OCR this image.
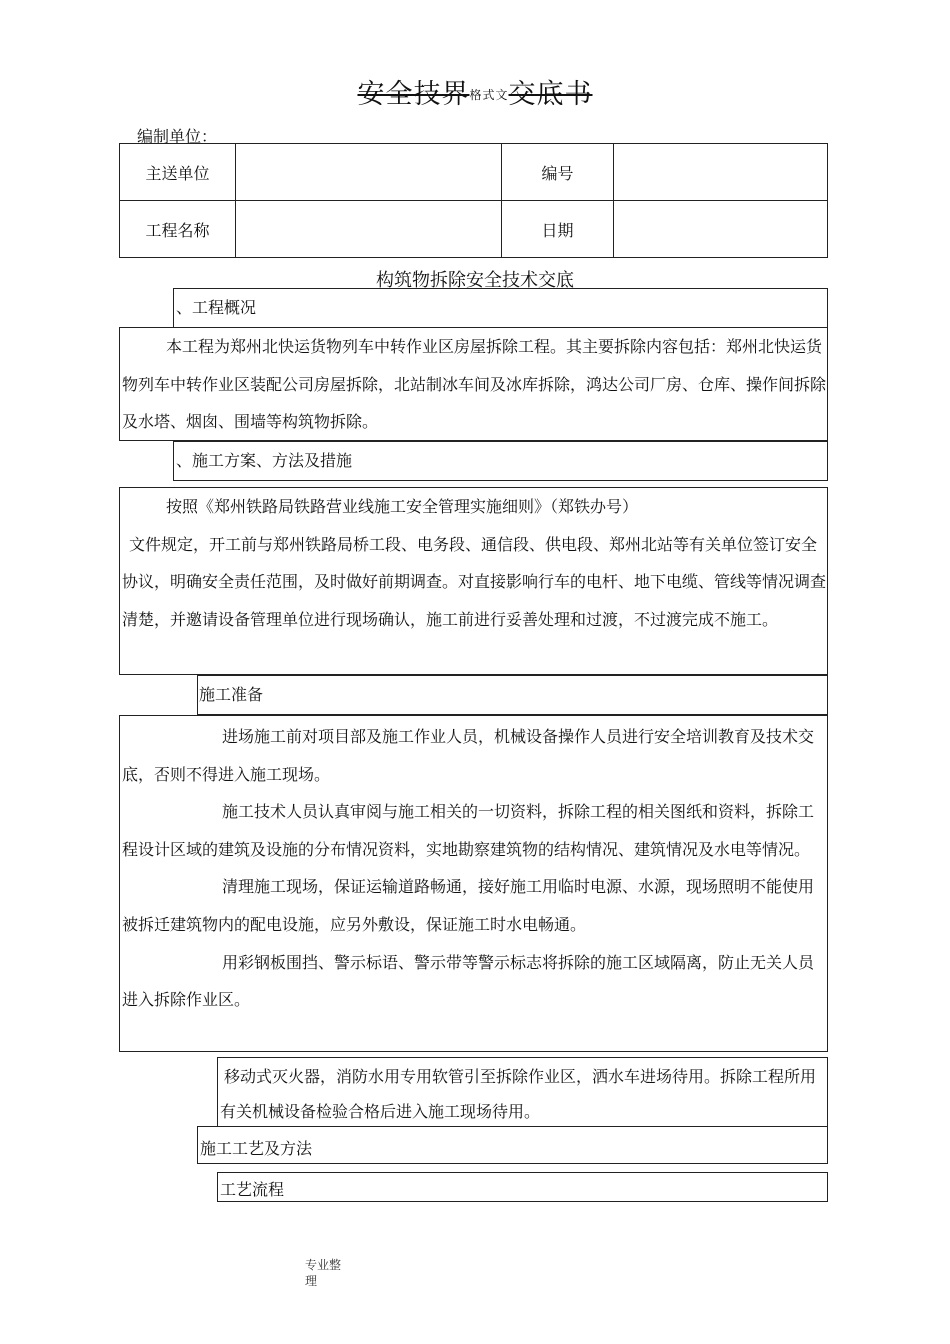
安全技界格式文交底书
编制单位：
主送单位	编号
工程名称	日期
构筑物拆除安全技术交底
、工程概况

本工程为郑州北快运货物列车中转作业区房屋拆除工程。其主要拆除内容包括：郑州北快运货物列车中转作业区装配公司房屋拆除，北站制冰车间及冰库拆除，鸿达公司厂房、仓库、操作间拆除及水塔、烟囱、围墙等构筑物拆除。

、施工方案、方法及措施

按照《郑州铁路局铁路营业线施工安全管理实施细则》（郑铁办号）

文件规定，开工前与郑州铁路局桥工段、电务段、通信段、供电段、郑州北站等有关单位签订安全协议，明确安全责任范围，及时做好前期调查。对直接影响行车的电杆、地下电缆、管线等情况调查清楚，并邀请设备管理单位进行现场确认，施工前进行妥善处理和过渡，不过渡完成不施工。

施工准备

进场施工前对项目部及施工作业人员，机械设备操作人员进行安全培训教育及技术交底，否则不得进入施工现场。

施工技术人员认真审阅与施工相关的一切资料，拆除工程的相关图纸和资料，拆除工程设计区域的建筑及设施的分布情况资料，实地勘察建筑物的结构情况、建筑情况及水电等情况。

清理施工现场，保证运输道路畅通，接好施工用临时电源、水源，现场照明不能使用被拆迁建筑物内的配电设施，应另外敷设，保证施工时水电畅通。

用彩钢板围挡、警示标语、警示带等警示标志将拆除的施工区域隔离，防止无关人员进入拆除作业区。

移动式灭火器，消防水用专用软管引至拆除作业区，洒水车进场待用。拆除工程所用有关机械设备检验合格后进入施工现场待用。

施工工艺及方法
工艺流程
专业整
理
